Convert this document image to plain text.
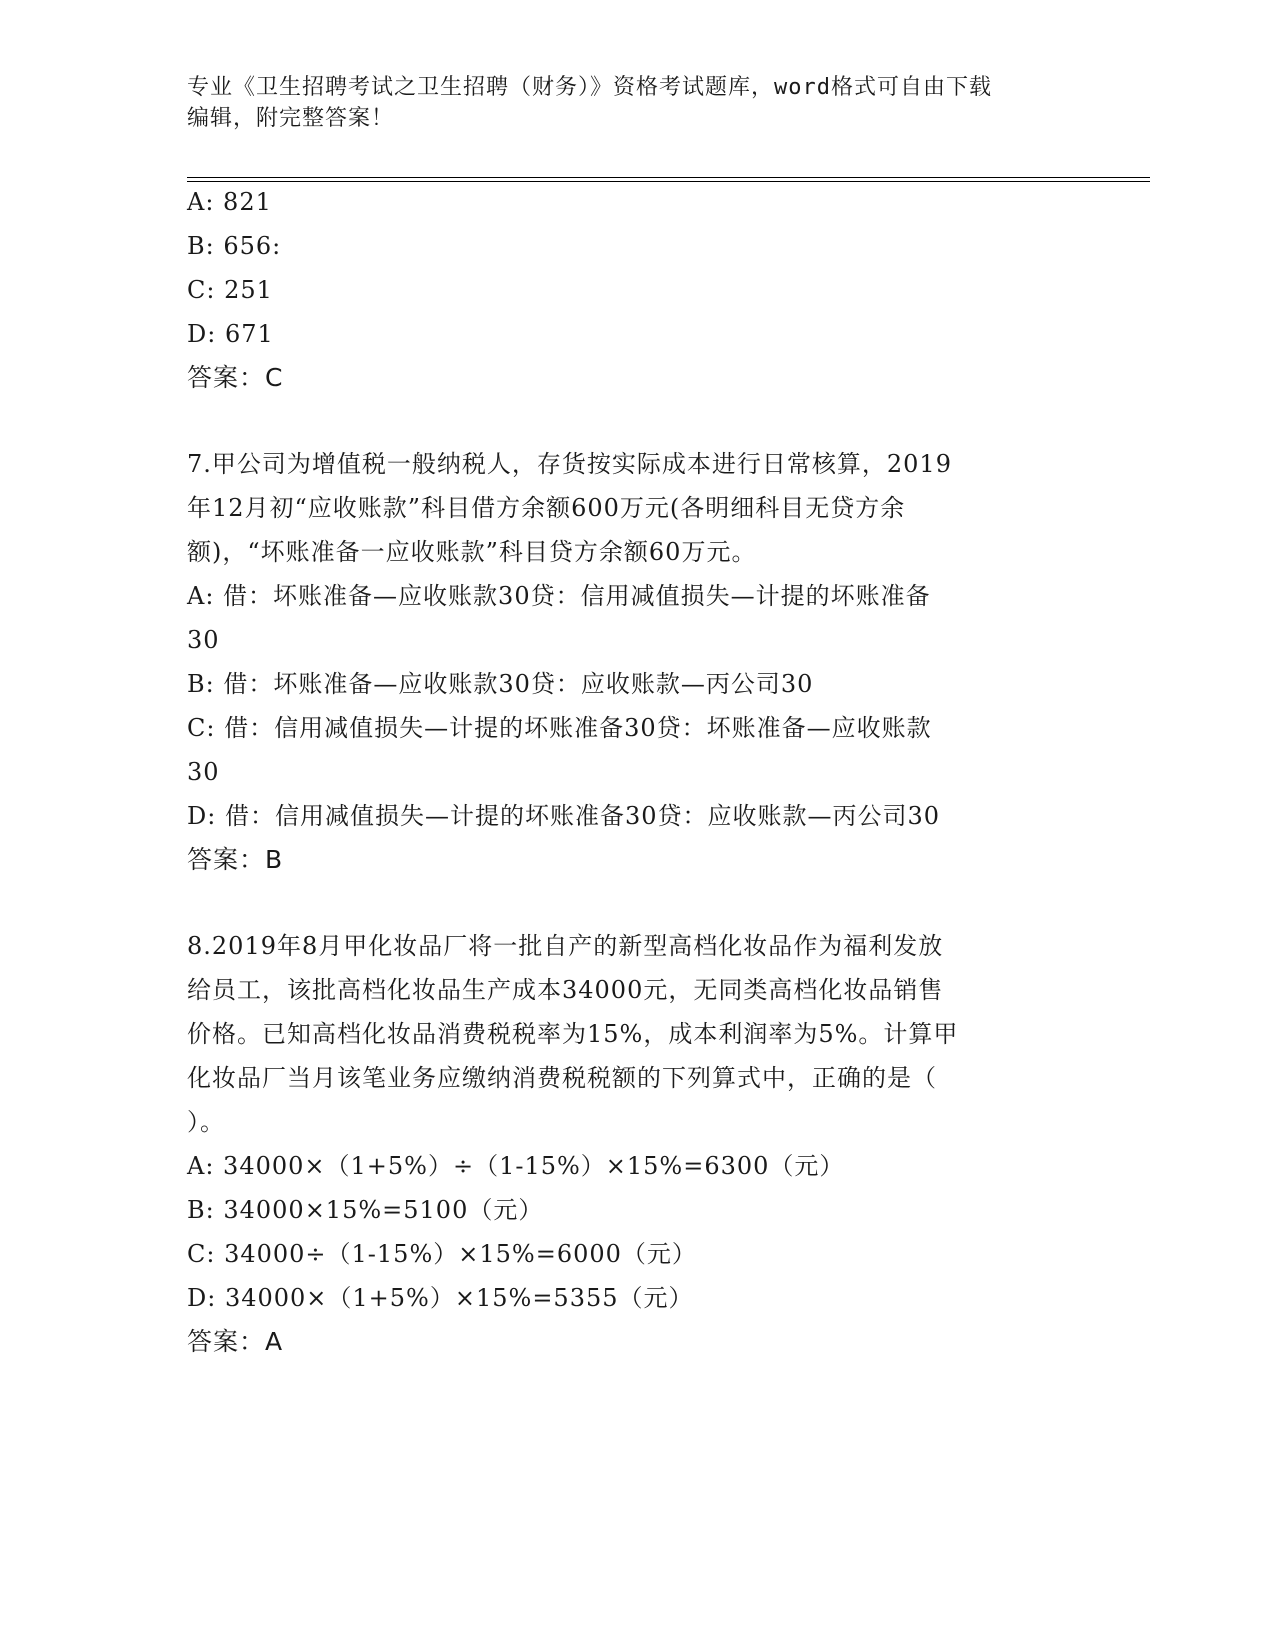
专业《卫生招聘考试之卫生招聘（财务）》资格考试题库，word格式可自由下载
编辑，附完整答案！
A: 821
B: 656:
C: 251
D: 671
答案：C
7.甲公司为增值税一般纳税人，存货按实际成本进行日常核算，2019
年12月初“应收账款”科目借方余额600万元(各明细科目无贷方余
额)，“坏账准备一应收账款”科目贷方余额60万元。
A: 借：坏账准备—应收账款30贷：信用减值损失—计提的坏账准备
30
B: 借：坏账准备—应收账款30贷：应收账款—丙公司30
C: 借：信用减值损失—计提的坏账准备30贷：坏账准备—应收账款
30
D: 借：信用减值损失—计提的坏账准备30贷：应收账款—丙公司30
答案：B
8.2019年8月甲化妆品厂将一批自产的新型高档化妆品作为福利发放
给员工，该批高档化妆品生产成本34000元，无同类高档化妆品销售
价格。已知高档化妆品消费税税率为15%，成本利润率为5%。计算甲
化妆品厂当月该笔业务应缴纳消费税税额的下列算式中，正确的是（
）。
A: 34000×（1+5%）÷（1-15%）×15%=6300（元）
B: 34000×15%=5100（元）
C: 34000÷（1-15%）×15%=6000（元）
D: 34000×（1+5%）×15%=5355（元）
答案：A
